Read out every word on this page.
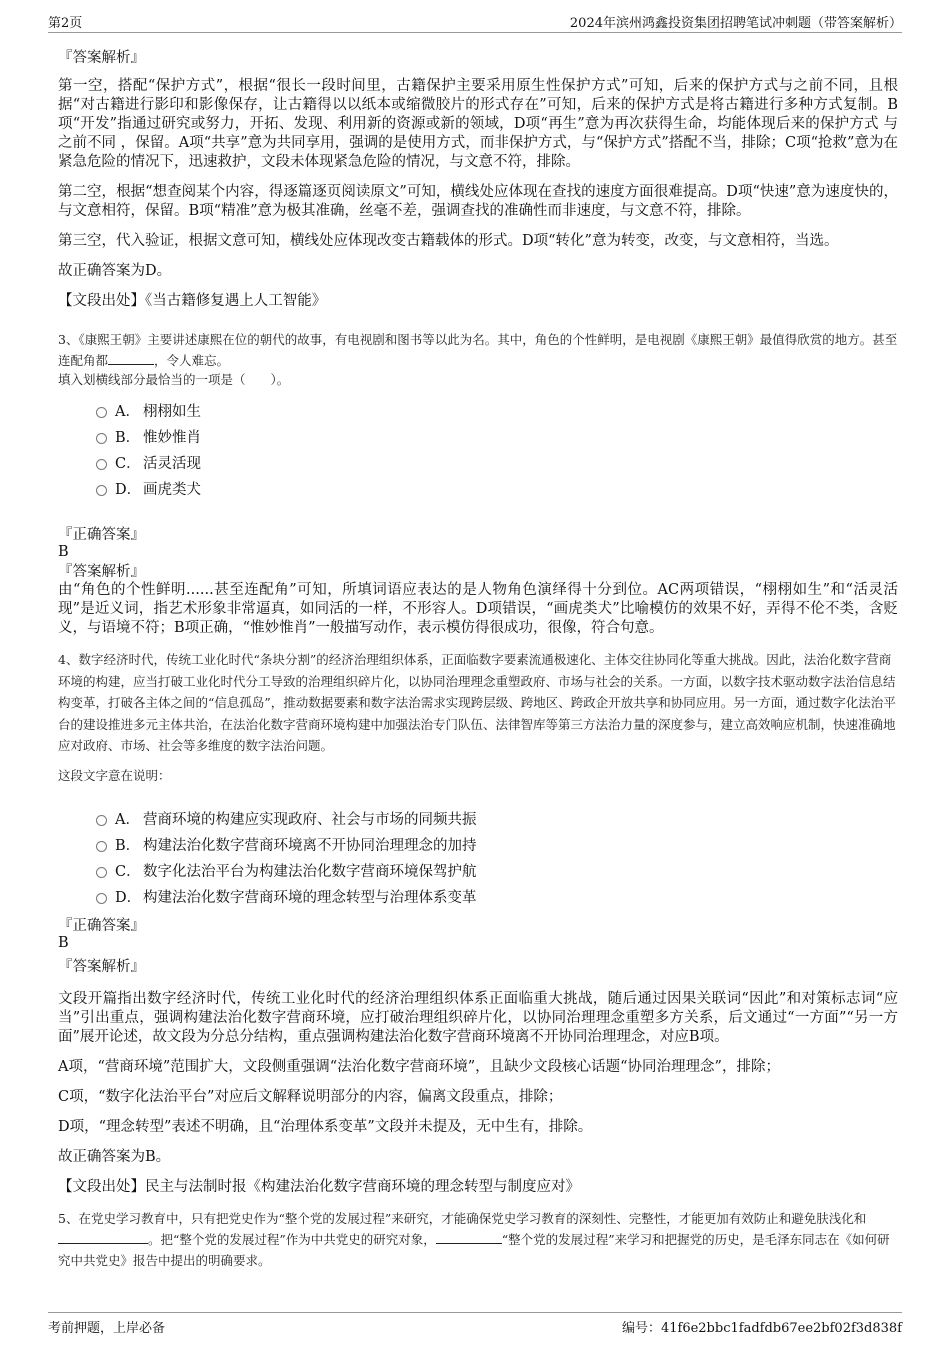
第2页	2024年滨州鸿鑫投资集团招聘笔试冲刺题（带答案解析）
『答案解析』

第一空，搭配“保护方式”，根据“很长一段时间里，古籍保护主要采用原生性保护方式”可知，后来的保护方式与之前不同，且根据“对古籍进行影印和影像保存，让古籍得以以纸本或缩微胶片的形式存在”可知，后来的保护方式是将古籍进行多种方式复制。B项“开发”指通过研究或努力，开拓、发现、利用新的资源或新的领域，D项“再生”意为再次获得生命，均能体现后来的保护方式 与之前不同 ，保留。A项“共享”意为共同享用，强调的是使用方式，而非保护方式，与“保护方式”搭配不当，排除；C项“抢救”意为在紧急危险的情况下，迅速救护，文段未体现紧急危险的情况，与文意不符，排除。

第二空，根据“想查阅某个内容，得逐篇逐页阅读原文”可知，横线处应体现在查找的速度方面很难提高。D项“快速”意为速度快的，与文意相符，保留。B项“精准”意为极其准确，丝毫不差，强调查找的准确性而非速度，与文意不符，排除。

第三空，代入验证，根据文意可知，横线处应体现改变古籍载体的形式。D项“转化”意为转变，改变，与文意相符，当选。

故正确答案为D。

【文段出处】《当古籍修复遇上人工智能》

3、《康熙王朝》主要讲述康熙在位的朝代的故事，有电视剧和图书等以此为名。其中，角色的个性鲜明，是电视剧《康熙王朝》最值得欣赏的地方。甚至连配角都	，令人难忘。

填入划横线部分最恰当的一项是（　　）。

A． 栩栩如生
B． 惟妙惟肖
C． 活灵活现
D． 画虎类犬
『正确答案』
B
『答案解析』

由“角色的个性鲜明......甚至连配角”可知，所填词语应表达的是人物角色演绎得十分到位。AC两项错误，“栩栩如生”和“活灵活现”是近义词，指艺术形象非常逼真，如同活的一样，不形容人。D项错误，“画虎类犬”比喻模仿的效果不好，弄得不伦不类，含贬义，与语境不符；B项正确，“惟妙惟肖”一般描写动作，表示模仿得很成功，很像，符合句意。

4、数字经济时代，传统工业化时代“条块分割”的经济治理组织体系，正面临数字要素流通极速化、主体交往协同化等重大挑战。因此，法治化数字营商环境的构建，应当打破工业化时代分工导致的治理组织碎片化，以协同治理理念重塑政府、市场与社会的关系。一方面，以数字技术驱动数字法治信息结构变革，打破各主体之间的“信息孤岛”，推动数据要素和数字法治需求实现跨层级、跨地区、跨政企开放共享和协同应用。另一方面，通过数字化法治平台的建设推进多元主体共治，在法治化数字营商环境构建中加强法治专门队伍、法律智库等第三方法治力量的深度参与，建立高效响应机制，快速准确地应对政府、市场、社会等多维度的数字法治问题。

这段文字意在说明：

A． 营商环境的构建应实现政府、社会与市场的同频共振
B． 构建法治化数字营商环境离不开协同治理理念的加持
C． 数字化法治平台为构建法治化数字营商环境保驾护航
D． 构建法治化数字营商环境的理念转型与治理体系变革
『正确答案』
B
『答案解析』

文段开篇指出数字经济时代，传统工业化时代的经济治理组织体系正面临重大挑战，随后通过因果关联词“因此”和对策标志词“应当”引出重点，强调构建法治化数字营商环境，应打破治理组织碎片化，以协同治理理念重塑多方关系，后文通过“一方面”“另一方面”展开论述，故文段为分总分结构，重点强调构建法治化数字营商环境离不开协同治理理念，对应B项。

A项，“营商环境”范围扩大，文段侧重强调“法治化数字营商环境”，且缺少文段核心话题“协同治理理念”，排除；

C项，“数字化法治平台”对应后文解释说明部分的内容，偏离文段重点，排除；

D项，“理念转型”表述不明确，且“治理体系变革”文段并未提及，无中生有，排除。

故正确答案为B。

【文段出处】民主与法制时报《构建法治化数字营商环境的理念转型与制度应对》

5、在党史学习教育中，只有把党史作为“整个党的发展过程”来研究，才能确保党史学习教育的深刻性、完整性，才能更加有效防止和避免肤浅化和。把“整个党的发展过程”作为中共党史的研究对象，	“整个党的发展过程”来学习和把握党的历史，是毛泽东同志在《如何研究中共党史》报告中提出的明确要求。

考前押题，上岸必备	编号：41f6e2bbc1fadfdb67ee2bf02f3d838f
